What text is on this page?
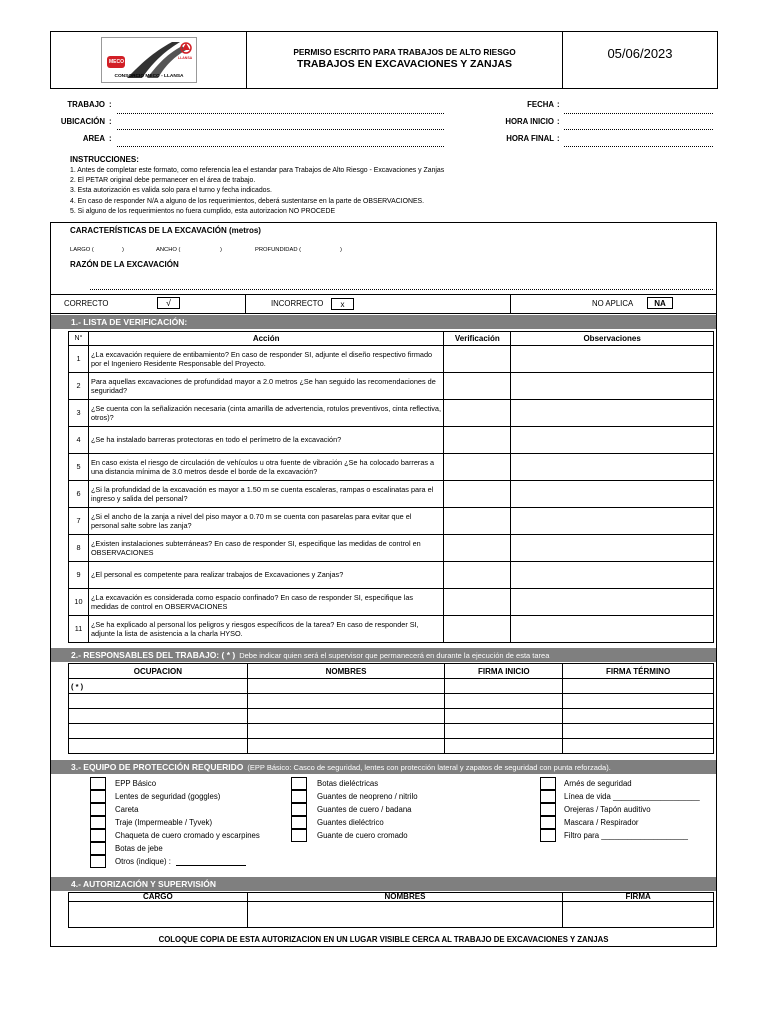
MECO
LLANSA
CONSORCIO MECO - LLANSA
PERMISO ESCRITO PARA TRABAJOS DE ALTO RIESGO
TRABAJOS EN EXCAVACIONES Y ZANJAS
05/06/2023
TRABAJO :
UBICACIÓN :
AREA :
FECHA :
HORA INICIO :
HORA FINAL :
INSTRUCCIONES:
1. Antes de completar este formato, como referencia lea el estandar para Trabajos de Alto Riesgo - Excavaciones y Zanjas
2. El PETAR original debe permanecer en el área de trabajo.
3. Esta autorización es valida solo para el turno y fecha indicados.
4. En caso de responder N/A a alguno de los requerimientos, deberá sustentarse en la parte de OBSERVACIONES.
5. Si alguno de los requerimientos no fuera cumplido, esta autorizacion NO PROCEDE
CARACTERÍSTICAS DE LA EXCAVACIÓN (metros)
LARGO (	)	ANCHO (	)	PROFUNDIDAD (	)
RAZÓN DE LA EXCAVACIÓN
CORRECTO	√	INCORRECTO	x	NO APLICA	NA
1.- LISTA DE VERIFICACIÓN:
N°	Acción	Verificación	Observaciones
1	¿La excavación requiere de entibamiento? En caso de responder SI, adjunte el diseño respectivo firmado por el Ingeniero Residente Responsable del Proyecto.		
2	Para aquellas excavaciones de profundidad mayor a 2.0 metros ¿Se han seguido las recomendaciones de seguridad?		
3	¿Se cuenta con la señalización necesaria (cinta amarilla de advertencia, rotulos preventivos, cinta reflectiva, otros)?		
4	¿Se ha instalado barreras protectoras en todo el perímetro de la excavación?		
5	En caso exista el riesgo de circulación de vehículos u otra fuente de vibración ¿Se ha colocado barreras a una distancia mínima de 3.0 metros desde el borde de la excavación?		
6	¿Si la profundidad de la excavación es mayor a 1.50 m se cuenta escaleras, rampas o escalinatas para el ingreso y salida del personal?		
7	¿Si el ancho de la zanja a nivel del piso mayor a 0.70 m se cuenta con pasarelas para evitar que el personal salte sobre las zanja?		
8	¿Existen instalaciones subterráneas? En caso de responder SI, especifique las medidas de control en OBSERVACIONES		
9	¿El personal es competente para realizar trabajos de Excavaciones y Zanjas?		
10	¿La excavación es considerada como espacio confinado? En caso de responder SI, especifique las medidas de control en OBSERVACIONES		
11	¿Se ha explicado al personal los peligros y riesgos específicos de la tarea? En caso de responder SI, adjunte la lista de asistencia a la charla HYSO.		
2.- RESPONSABLES DEL TRABAJO: ( * ) Debe indicar quien será el supervisor que permanecerá en durante la ejecución de esta tarea
OCUPACION	NOMBRES	FIRMA INICIO	FIRMA TÉRMINO
( * )			

3.- EQUIPO DE PROTECCIÓN REQUERIDO (EPP Básico: Casco de seguridad, lentes con protección lateral y zapatos de seguridad con punta reforzada).
EPP Básico
Lentes de seguridad (goggles)
Careta
Traje (Impermeable / Tyvek)
Chaqueta de cuero cromado y escarpines
Botas de jebe
Otros (indique) :
Botas dieléctricas
Guantes de neopreno / nitrilo
Guantes de cuero / badana
Guantes dieléctrico
Guante de cuero cromado
Arnés de seguridad
Línea de vida ____________________
Orejeras / Tapón auditivo
Mascara / Respirador
Filtro para ____________________
4.- AUTORIZACIÓN Y SUPERVISIÓN
CARGO	NOMBRES	FIRMA

COLOQUE COPIA DE ESTA AUTORIZACION EN UN LUGAR VISIBLE CERCA AL TRABAJO DE EXCAVACIONES Y ZANJAS
